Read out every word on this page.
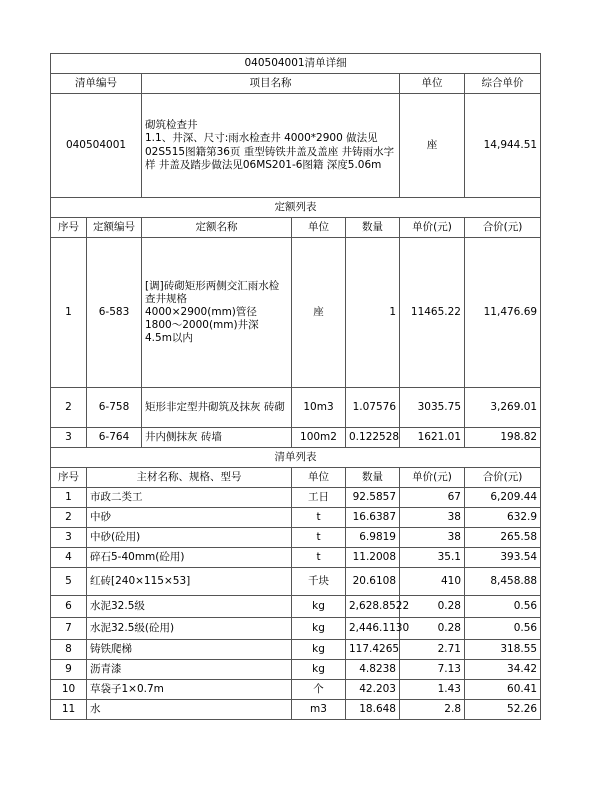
040504001清单详细						
清单编号		项目名称			单位	综合单价
040504001		砌筑检查井
1.1、井深、尺寸:雨水检查井 4000*2900 做法见02S515图籍第36页 重型铸铁井盖及盖座 井铸雨水字样 井盖及踏步做法见06MS201-6图籍 深度5.06m			座	14,944.51
定额列表						
序号	定额编号	定额名称	单位	数量	单价(元)	合价(元)
1	6-583	[调]砖砌矩形两侧交汇雨水检查井规格
4000×2900(mm)管径
1800～2000(mm)井深
4.5m以内	座	1	11465.22	11,476.69
2	6-758	矩形非定型井砌筑及抹灰 砖砌	10m3	1.07576	3035.75	3,269.01
3	6-764	井内侧抹灰 砖墙	100m2	0.122528	1621.01	198.82
清单列表						
序号	主材名称、规格、型号		单位	数量	单价(元)	合价(元)
1	市政二类工		工日	92.5857	67	6,209.44
2	中砂		t	16.6387	38	632.9
3	中砂(砼用)		t	6.9819	38	265.58
4	碎石5-40mm(砼用)		t	11.2008	35.1	393.54
5	红砖[240×115×53]		千块	20.6108	410	8,458.88
6	水泥32.5级		kg	2,628.8522	0.28	0.56
7	水泥32.5级(砼用)		kg	2,446.1130	0.28	0.56
8	铸铁爬梯		kg	117.4265	2.71	318.55
9	沥青漆		kg	4.8238	7.13	34.42
10	草袋子1×0.7m		个	42.203	1.43	60.41
11	水		m3	18.648	2.8	52.26
